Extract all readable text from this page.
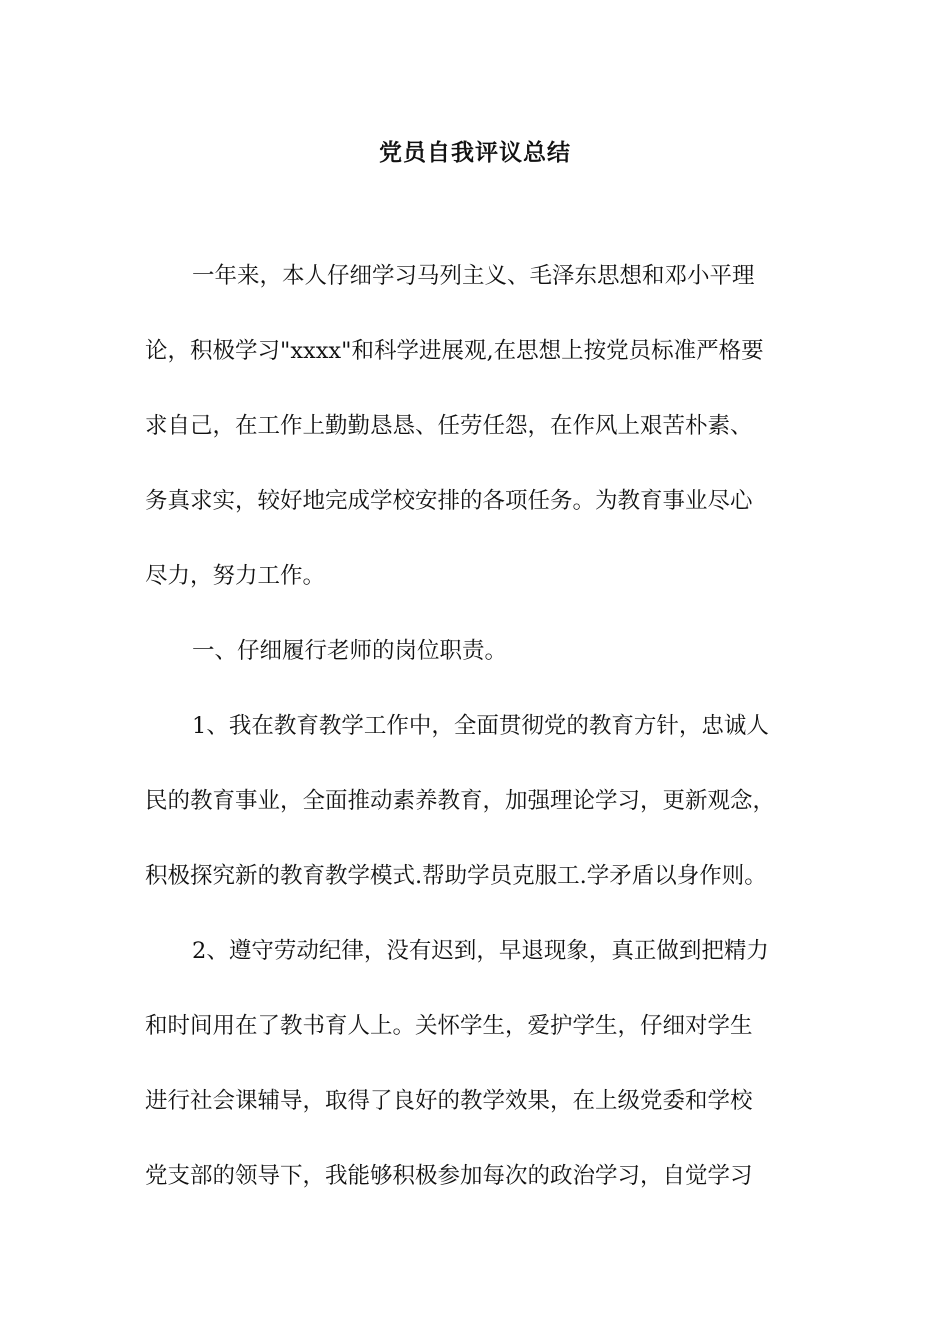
党员自我评议总结
一年来，本人仔细学习马列主义、毛泽东思想和邓小平理
论，积极学习"xxxx"和科学进展观,在思想上按党员标准严格要
求自己，在工作上勤勤恳恳、任劳任怨，在作风上艰苦朴素、
务真求实，较好地完成学校安排的各项任务。为教育事业尽心
尽力，努力工作。
一、仔细履行老师的岗位职责。
1、我在教育教学工作中，全面贯彻党的教育方针，忠诚人
民的教育事业，全面推动素养教育，加强理论学习，更新观念，
积极探究新的教育教学模式.帮助学员克服工.学矛盾以身作则。
2、遵守劳动纪律，没有迟到，早退现象，真正做到把精力
和时间用在了教书育人上。关怀学生，爱护学生，仔细对学生
进行社会课辅导，取得了良好的教学效果，在上级党委和学校
党支部的领导下，我能够积极参加每次的政治学习，自觉学习
